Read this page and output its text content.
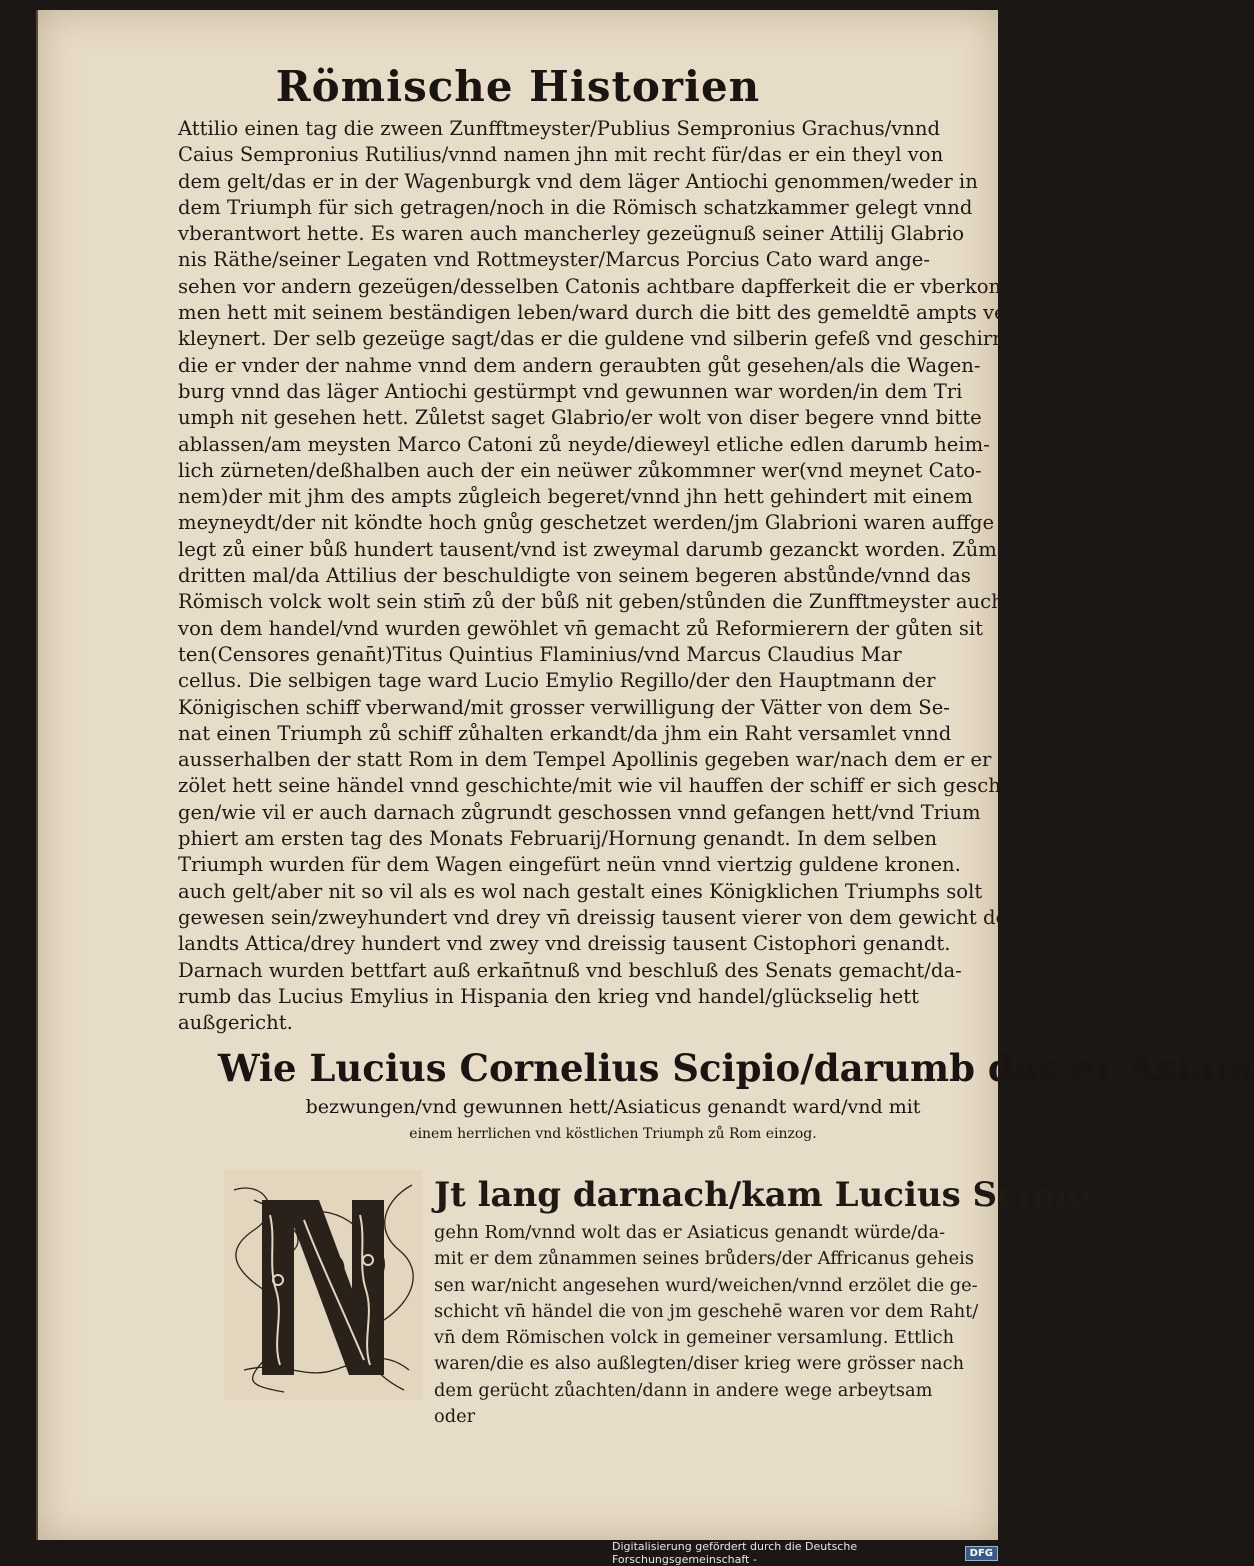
Römische Historien
Attilio einen tag die zween Zunfftmeyster/Publius Sempronius Grachus/vnnd
Caius Sempronius Rutilius/vnnd namen jhn mit recht für/das er ein theyl von
dem gelt/das er in der Wagenburgk vnd dem läger Antiochi genommen/weder in
dem Triumph für sich getragen/noch in die Römisch schatzkammer gelegt vnnd
vberantwort hette. Es waren auch mancherley gezeügnuß seiner Attilij Glabrio
nis Räthe/seiner Legaten vnd Rottmeyster/Marcus Porcius Cato ward ange-
sehen vor andern gezeügen/desselben Catonis achtbare dapfferkeit die er vberkom
men hett mit seinem beständigen leben/ward durch die bitt des gemeldtē ampts ver
kleynert. Der selb gezeüge sagt/das er die guldene vnd silberin gefeß vnd geschirr/
die er vnder der nahme vnnd dem andern geraubten gůt gesehen/als die Wagen-
burg vnnd das läger Antiochi gestürmpt vnd gewunnen war worden/in dem Tri
umph nit gesehen hett. Zůletst saget Glabrio/er wolt von diser begere vnnd bitte
ablassen/am meysten Marco Catoni zů neyde/dieweyl etliche edlen darumb heim-
lich zürneten/deßhalben auch der ein neüwer zůkommner wer(vnd meynet Cato-
nem)der mit jhm des ampts zůgleich begeret/vnnd jhn hett gehindert mit einem
meyneydt/der nit köndte hoch gnůg geschetzet werden/jm Glabrioni waren auffge
legt zů einer bůß hundert tausent/vnd ist zweymal darumb gezanckt worden. Zům
dritten mal/da Attilius der beschuldigte von seinem begeren abstůnde/vnnd das
Römisch volck wolt sein stim̄ zů der bůß nit geben/stůnden die Zunfftmeyster auch
von dem handel/vnd wurden gewöhlet vn̄ gemacht zů Reformierern der gůten sit
ten(Censores genan̄t)Titus Quintius Flaminius/vnd Marcus Claudius Mar
cellus. Die selbigen tage ward Lucio Emylio Regillo/der den Hauptmann der
Königischen schiff vberwand/mit grosser verwilligung der Vätter von dem Se-
nat einen Triumph zů schiff zůhalten erkandt/da jhm ein Raht versamlet vnnd
ausserhalben der statt Rom in dem Tempel Apollinis gegeben war/nach dem er er
zölet hett seine händel vnnd geschichte/mit wie vil hauffen der schiff er sich geschla-
gen/wie vil er auch darnach zůgrundt geschossen vnnd gefangen hett/vnd Trium
phiert am ersten tag des Monats Februarij/Hornung genandt. In dem selben
Triumph wurden für dem Wagen eingefürt neün vnnd viertzig guldene kronen.
auch gelt/aber nit so vil als es wol nach gestalt eines Königklichen Triumphs solt
gewesen sein/zweyhundert vnd drey vn̄ dreissig tausent vierer von dem gewicht des
landts Attica/drey hundert vnd zwey vnd dreissig tausent Cistophori genandt.
Darnach wurden bettfart auß erkan̄tnuß vnd beschluß des Senats gemacht/da-
rumb das Lucius Emylius in Hispania den krieg vnd handel/glückselig hett
außgericht.
Wie Lucius Cornelius Scipio/darumb das er Asiam
bezwungen/vnd gewunnen hett/Asiaticus genandt ward/vnd mit
einem herrlichen vnd köstlichen Triumph zů Rom einzog.
Jt lang darnach/kam Lucius Scipio
gehn Rom/vnnd wolt das er Asiaticus genandt würde/da-
mit er dem zůnammen seines brůders/der Affricanus geheis
sen war/nicht angesehen wurd/weichen/vnnd erzölet die ge-
schicht vn̄ händel die von jm geschehē waren vor dem Raht/
vn̄ dem Römischen volck in gemeiner versamlung. Ettlich
waren/die es also außlegten/diser krieg were grösser nach
dem gerücht zůachten/dann in andere wege arbeytsam
oder
Digitalisierung gefördert durch die Deutsche Forschungsgemeinschaft -	DFG
